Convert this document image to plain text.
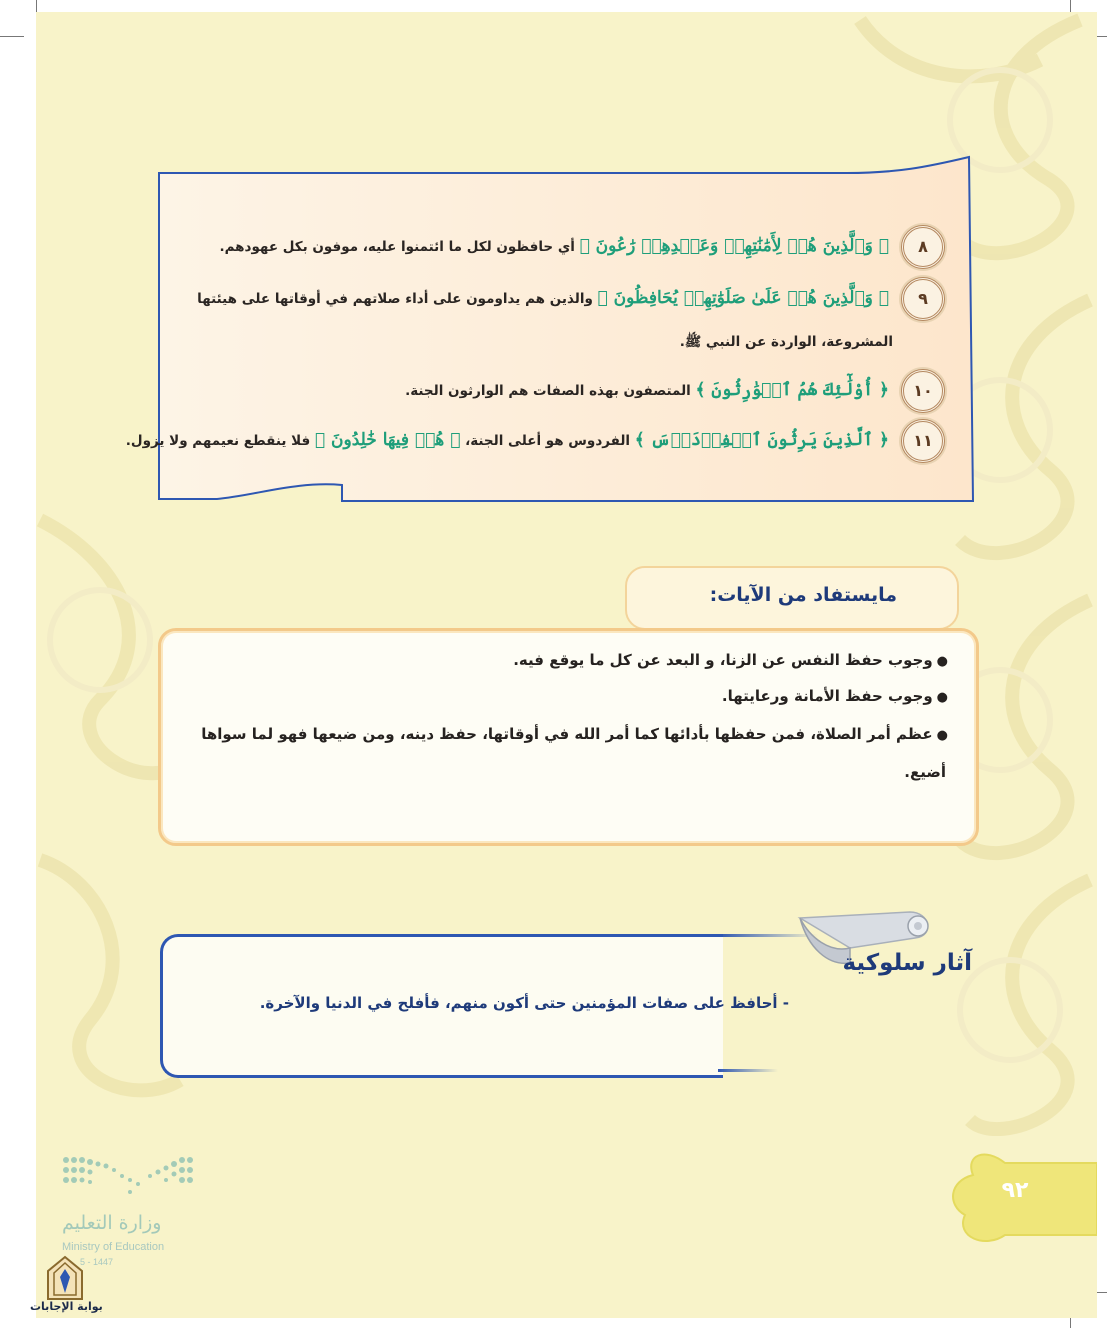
٨﴿ وَٱلَّذِينَ هُمۡ لِأَمَٰنَٰتِهِمۡ وَعَهۡدِهِمۡ رَٰعُونَ ﴾ أي حافظون لكل ما ائتمنوا عليه، موفون بكل عهودهم.
٩﴿ وَٱلَّذِينَ هُمۡ عَلَىٰ صَلَوَٰتِهِمۡ يُحَافِظُونَ ﴾ والذين هم يداومون على أداء صلاتهم في أوقاتها على هيئتها
المشروعة، الواردة عن النبي ﷺ.
١٠﴿ أُوْلَٰٓئِكَ هُمُ ٱلۡوَٰرِثُونَ ﴾ المتصفون بهذه الصفات هم الوارثون الجنة.
١١﴿ ٱلَّذِينَ يَرِثُونَ ٱلۡفِرۡدَوۡسَ ﴾ الفردوس هو أعلى الجنة، ﴿ هُمۡ فِيهَا خَٰلِدُونَ ﴾ فلا ينقطع نعيمهم ولا يزول.
مايستفاد من الآيات:
●وجوب حفظ النفس عن الزنا، و البعد عن كل ما يوقع فيه.
●وجوب حفظ الأمانة ورعايتها.
●عظم أمر الصلاة، فمن حفظها بأدائها كما أمر الله في أوقاتها، حفظ دينه، ومن ضيعها فهو لما سواها
أضيع.
آثار سلوكية
- أحافظ على صفات المؤمنين حتى أكون منهم، فأفلح في الدنيا والآخرة.
٩٢
وزارة التعليم
Ministry of Education
5 - 1447
بوابة الإجابات
